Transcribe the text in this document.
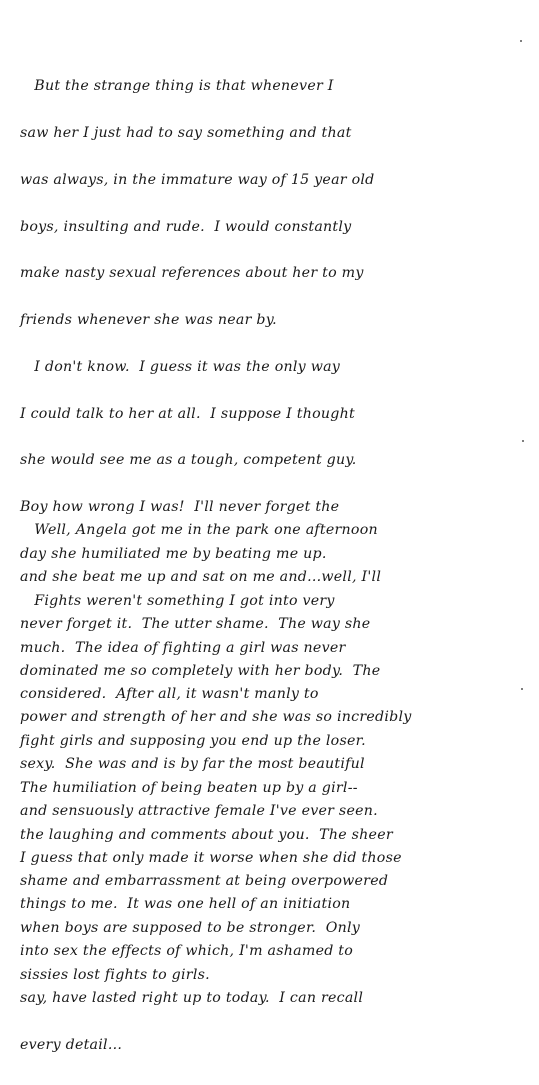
But the strange thing is that whenever I

saw her I just had to say something and that

was always, in the immature way of 15 year old

boys, insulting and rude.  I would constantly

make nasty sexual references about her to my

friends whenever she was near by.

I don't know.  I guess it was the only way

I could talk to her at all.  I suppose I thought

she would see me as a tough, competent guy.

Boy how wrong I was!  I'll never forget the

day she humiliated me by beating me up.

Fights weren't something I got into very

much.  The idea of fighting a girl was never

considered.  After all, it wasn't manly to

fight girls and supposing you end up the loser.

The humiliation of being beaten up by a girl--

the laughing and comments about you.  The sheer

shame and embarrassment at being overpowered

when boys are supposed to be stronger.  Only

sissies lost fights to girls.

Well, Angela got me in the park one afternoon

and she beat me up and sat on me and...well, I'll

never forget it.  The utter shame.  The way she

dominated me so completely with her body.  The

power and strength of her and she was so incredibly

sexy.  She was and is by far the most beautiful

and sensuously attractive female I've ever seen.

I guess that only made it worse when she did those

things to me.  It was one hell of an initiation

into sex the effects of which, I'm ashamed to

say, have lasted right up to today.  I can recall

every detail...
